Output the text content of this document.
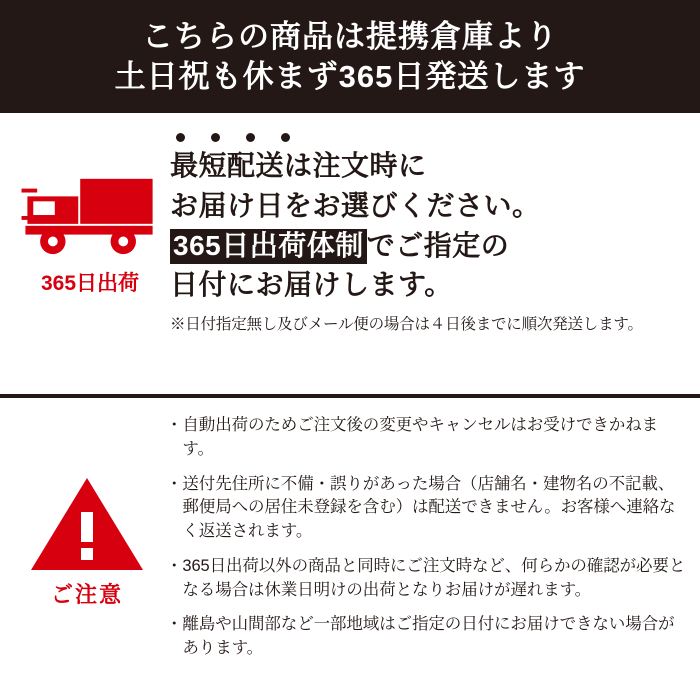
こちらの商品は提携倉庫より
土日祝も休まず365日発送します
365日出荷
最短配送は注文時に
お届け日をお選びください。
365日出荷体制 でご指定の
日付にお届けします。
※日付指定無し及びメール便の場合は４日後までに順次発送します。
ご注意
・ 自動出荷のためご注文後の変更やキャンセルはお受けできかねます。
・ 送付先住所に不備・誤りがあった場合（店舗名・建物名の不記載、郵便局への居住未登録を含む）は配送できません。お客様へ連絡なく返送されます。
・ 365日出荷以外の商品と同時にご注文時など、何らかの確認が必要となる場合は休業日明けの出荷となりお届けが遅れます。
・ 離島や山間部など一部地域はご指定の日付にお届けできない場合があります。
